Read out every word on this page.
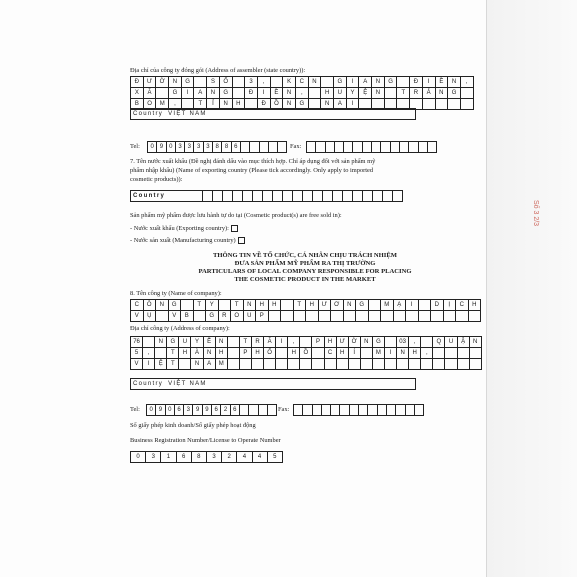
Số 3 2/3
Địa chỉ của công ty đóng gói (Address of assembler (state country)):
Đ	Ư	Ờ	N	G	S	Ố	3	,	K	C	N	G	I	A	N	G	Đ	I	Ề	N	,
X	Ã	G	I	A	N	G	Đ	I	Ề	N	,	H	U	Y	Ệ	N	T	R	Ả	N	G
B	O	M	,	T	Ỉ	N	H	Đ	Ồ	N	G	N	A	I
Country VIỆT NAM
Tel:	0 9 0 3 3 3 3 8 8 6	Fax:
7. Tên nước xuất khẩu (Đề nghị đánh dấu vào mục thích hợp. Chỉ áp dụng đối với sản phẩm mỹ
phẩm nhập khẩu) (Name of exporting country (Please tick accordingly. Only apply to imported
cosmetic products)):
Country
Sản phẩm mỹ phẩm được lưu hành tự do tại (Cosmetic product(s) are free sold in):
- Nước xuất khẩu (Exporting country):
- Nước sản xuất (Manufacturing country)
THÔNG TIN VỀ TỔ CHỨC, CÁ NHÂN CHỊU TRÁCH NHIỆM
ĐƯA SẢN PHẨM MỸ PHẨM RA THỊ TRƯỜNG
PARTICULARS OF LOCAL COMPANY RESPONSIBLE FOR PLACING
THE COSMETIC PRODUCT IN THE MARKET
8. Tên công ty (Name of company):
C	Ô	N	G	T	Y	T	N	H	H	T	H	Ư	Ơ	N	G	M	Ạ	I	D	Ị	C	H
V	Ụ	V	B	G	R	O	U	P
Địa chỉ công ty (Address of company):
76	N	G	U	Y	Ễ	N	T	R	Ã	I	,	P	H	Ư	Ờ	N	G	03	,	Q	U	Ậ	N
5	,	T	H	À	N	H	P	H	Ố	H	Ồ	C	H	Í	M	I	N	H	,
V	I	Ệ	T	N	A	M
Country VIỆT NAM
Tel:	0 9 0 6 3 9 9 6 2 6	Fax:
Số giấy phép kinh doanh/Số giấy phép hoạt động
Business Registration Number/License to Operate Number
0	3	1	6	8	3	2	4	4	5
